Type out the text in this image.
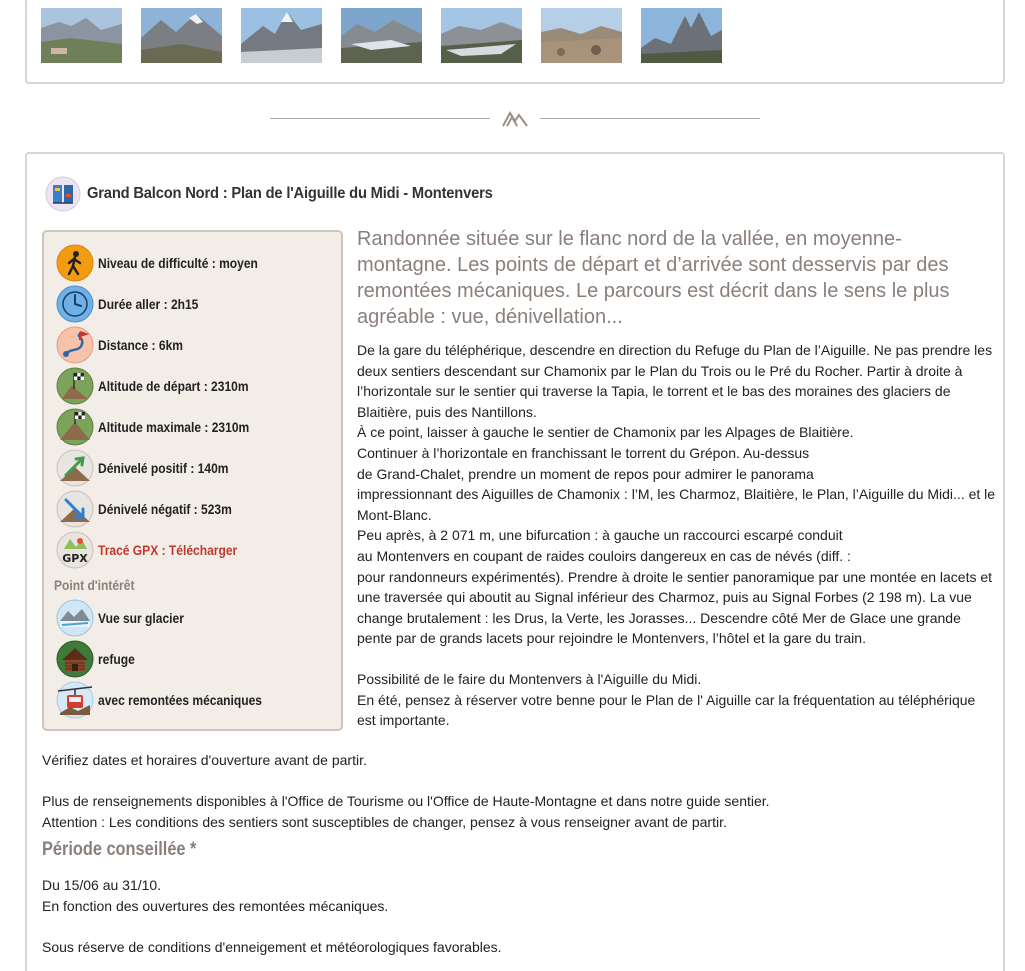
Grand Balcon Nord : Plan de l'Aiguille du Midi - Montenvers
Niveau de difficulté : moyen
Durée aller : 2h15
Distance : 6km
Altitude de départ : 2310m
Altitude maximale : 2310m
Dénivelé positif : 140m
Dénivelé négatif : 523m
GPX
Tracé GPX : Télécharger
Point d'intérêt
Vue sur glacier
refuge
avec remontées mécaniques

Randonnée située sur le flanc nord de la vallée, en moyenne-montagne. Les points de départ et d’arrivée sont desservis par des remontées mécaniques. Le parcours est décrit dans le sens le plus agréable : vue, dénivellation...

De la gare du téléphérique, descendre en direction du Refuge du Plan de l’Aiguille. Ne pas prendre les deux sentiers descendant sur Chamonix par le Plan du Trois ou le Pré du Rocher. Partir à droite à l’horizontale sur le sentier qui traverse la Tapia, le torrent et le bas des moraines des glaciers de Blaitière, puis des Nantillons.
À ce point, laisser à gauche le sentier de Chamonix par les Alpages de Blaitière.
Continuer à l’horizontale en franchissant le torrent du Grépon. Au-dessus
de Grand-Chalet, prendre un moment de repos pour admirer le panorama
impressionnant des Aiguilles de Chamonix : l’M, les Charmoz, Blaitière, le Plan, l’Aiguille du Midi... et le Mont-Blanc.
Peu après, à 2 071 m, une bifurcation : à gauche un raccourci escarpé conduit
au Montenvers en coupant de raides couloirs dangereux en cas de névés (diff. :
pour randonneurs expérimentés). Prendre à droite le sentier panoramique par une montée en lacets et une traversée qui aboutit au Signal inférieur des Charmoz, puis au Signal Forbes (2 198 m). La vue change brutalement : les Drus, la Verte, les Jorasses... Descendre côté Mer de Glace une grande pente par de grands lacets pour rejoindre le Montenvers, l’hôtel et la gare du train.

Possibilité de le faire du Montenvers à l'Aiguille du Midi.
En été, pensez à réserver votre benne pour le Plan de l' Aiguille car la fréquentation au téléphérique est importante.

Vérifiez dates et horaires d'ouverture avant de partir.

Plus de renseignements disponibles à l'Office de Tourisme ou l'Office de Haute-Montagne et dans notre guide sentier.
Attention : Les conditions des sentiers sont susceptibles de changer, pensez à vous renseigner avant de partir.

Période conseillée *

Du 15/06 au 31/10.
En fonction des ouvertures des remontées mécaniques.

Sous réserve de conditions d'enneigement et météorologiques favorables.
